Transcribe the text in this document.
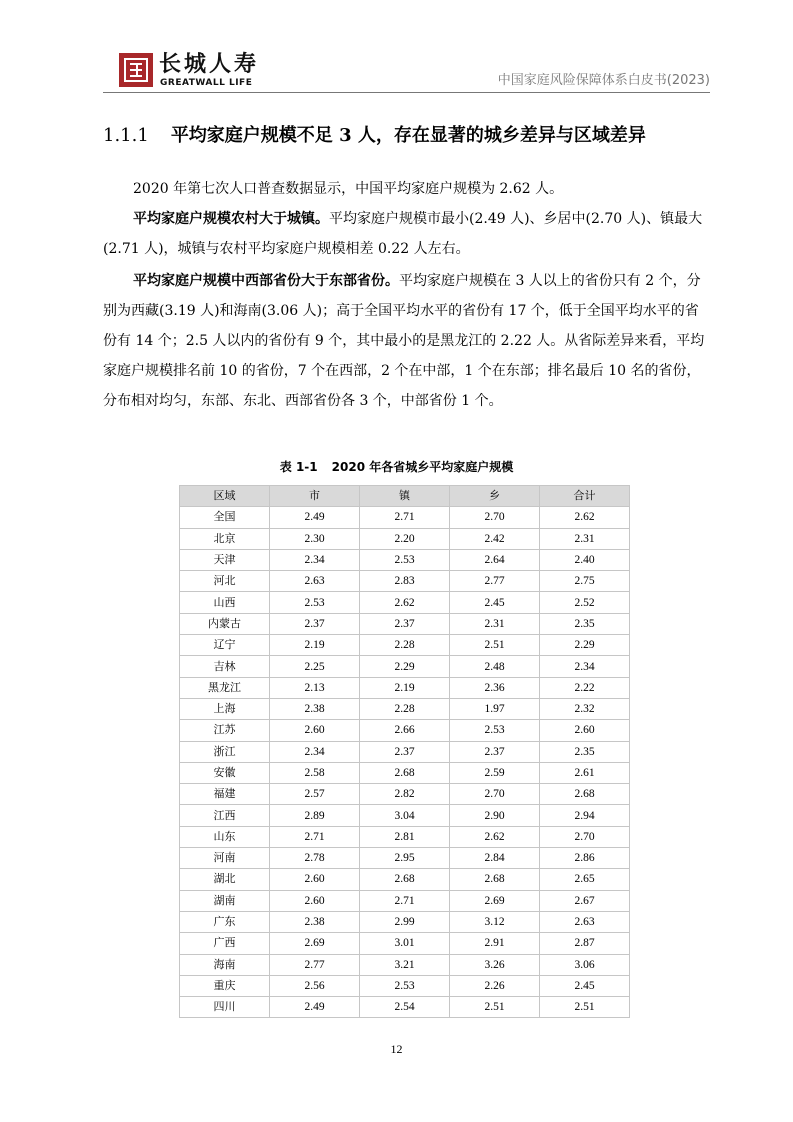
长城人寿
GREATWALL LIFE	中国家庭风险保障体系白皮书(2023)
1.1.1 平均家庭户规模不足 3 人，存在显著的城乡差异与区域差异
2020 年第七次人口普查数据显示，中国平均家庭户规模为 2.62 人。
平均家庭户规模农村大于城镇。平均家庭户规模市最小(2.49 人)、乡居中(2.70 人)、镇最大(2.71 人)，城镇与农村平均家庭户规模相差 0.22 人左右。
平均家庭户规模中西部省份大于东部省份。平均家庭户规模在 3 人以上的省份只有 2 个，分别为西藏(3.19 人)和海南(3.06 人)；高于全国平均水平的省份有 17 个，低于全国平均水平的省份有 14 个；2.5 人以内的省份有 9 个，其中最小的是黑龙江的 2.22 人。从省际差异来看，平均家庭户规模排名前 10 的省份，7 个在西部，2 个在中部，1 个在东部；排名最后 10 名的省份，分布相对均匀，东部、东北、西部省份各 3 个，中部省份 1 个。
表 1-1 2020 年各省城乡平均家庭户规模
区域	市	镇	乡	合计
全国	2.49	2.71	2.70	2.62
北京	2.30	2.20	2.42	2.31
天津	2.34	2.53	2.64	2.40
河北	2.63	2.83	2.77	2.75
山西	2.53	2.62	2.45	2.52
内蒙古	2.37	2.37	2.31	2.35
辽宁	2.19	2.28	2.51	2.29
吉林	2.25	2.29	2.48	2.34
黑龙江	2.13	2.19	2.36	2.22
上海	2.38	2.28	1.97	2.32
江苏	2.60	2.66	2.53	2.60
浙江	2.34	2.37	2.37	2.35
安徽	2.58	2.68	2.59	2.61
福建	2.57	2.82	2.70	2.68
江西	2.89	3.04	2.90	2.94
山东	2.71	2.81	2.62	2.70
河南	2.78	2.95	2.84	2.86
湖北	2.60	2.68	2.68	2.65
湖南	2.60	2.71	2.69	2.67
广东	2.38	2.99	3.12	2.63
广西	2.69	3.01	2.91	2.87
海南	2.77	3.21	3.26	3.06
重庆	2.56	2.53	2.26	2.45
四川	2.49	2.54	2.51	2.51
12
